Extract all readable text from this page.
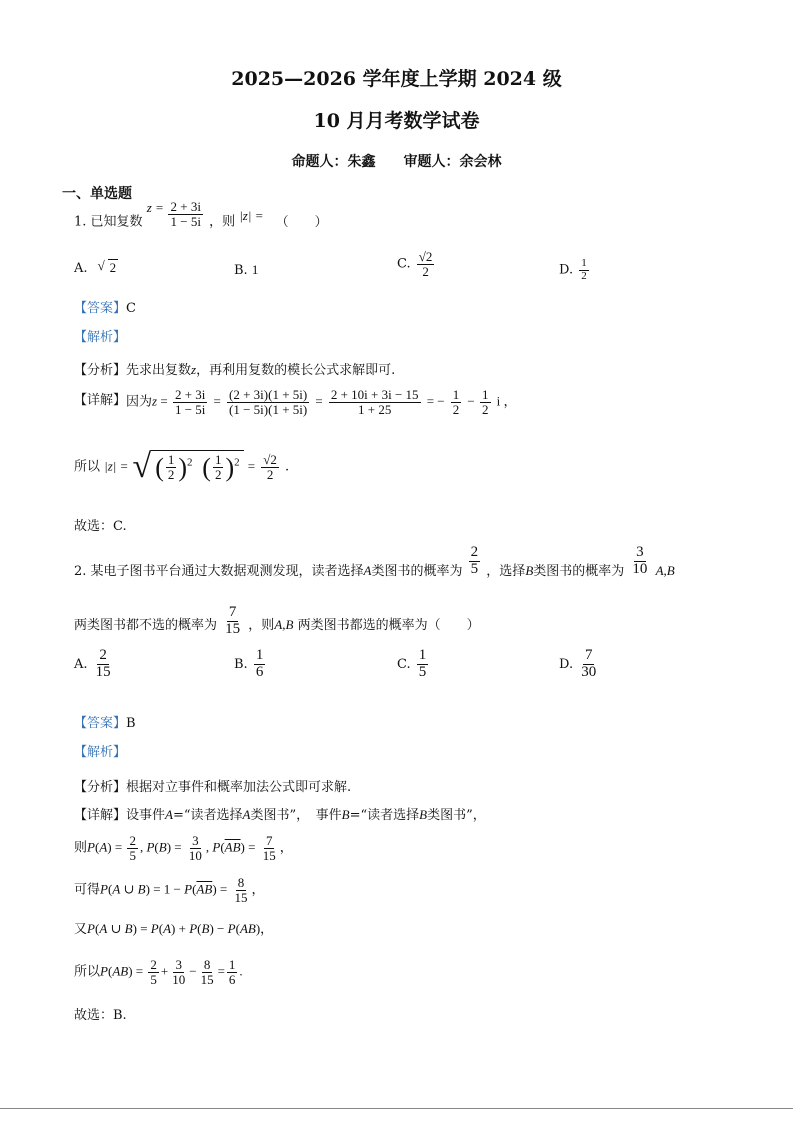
2025—2026 学年度上学期 2024 级
10 月月考数学试卷
命题人：朱鑫　　审题人：余会林
一、单选题
1. 已知复数 $z = \frac{2 + 3i}{1 - 5i}$ ，则 |z| = （　　）
A. √ 2	B. 1	C. $\frac{√2}{2}$	D. $\frac{1}{2}$
【答案】C
【解析】
【分析】先求出复数z，再利用复数的模长公式求解即可.
【详解】因为$z = \frac{2 + 3i}{1 - 5i} = \frac{(2 + 3i)(1 + 5i)}{(1 - 5i)(1 + 5i)} = \frac{2 + 10i + 3i - 15}{1 + 25}$ = − $\frac{1}{2} - \frac{1}{2}$ i ，
所以 |z| = √ ( $\frac{1}{2} )^2$ ( $\frac{1}{2} )^2 = \frac{√2}{2}$ .
故选：C.
2. 某电子图书平台通过大数据观测发现，读者选择A类图书的概率为 $\frac{2}{5}$ ，选择B类图书的概率为 $\frac{3}{10} A,B$
两类图书都不选的概率为 $\frac{7}{15}$ ，则A,B 两类图书都选的概率为（　　）
A. $\frac{2}{15}$	B. $\frac{1}{6}$	C. $\frac{1}{5}$	D. $\frac{7}{30}$
【答案】B
【解析】
【分析】根据对立事件和概率加法公式即可求解.
【详解】设事件A=“读者选择A类图书”，　事件B=“读者选择B类图书”，
则$P(A) = \frac{2}{5}$ , $P(B) = \frac{3}{10}$ , $P(\overline{AB}) = \frac{7}{15}$ ，
可得P(A ∪ $B) = 1 - P(\overline{AB}) = \frac{8}{15}$ ，
又P(A ∪ B) = P(A) + P(B) − P(AB)，
所以$P(AB) = \frac{2}{5} + \frac{3}{10} - \frac{8}{15} = \frac{1}{6}$ .
故选：B.
